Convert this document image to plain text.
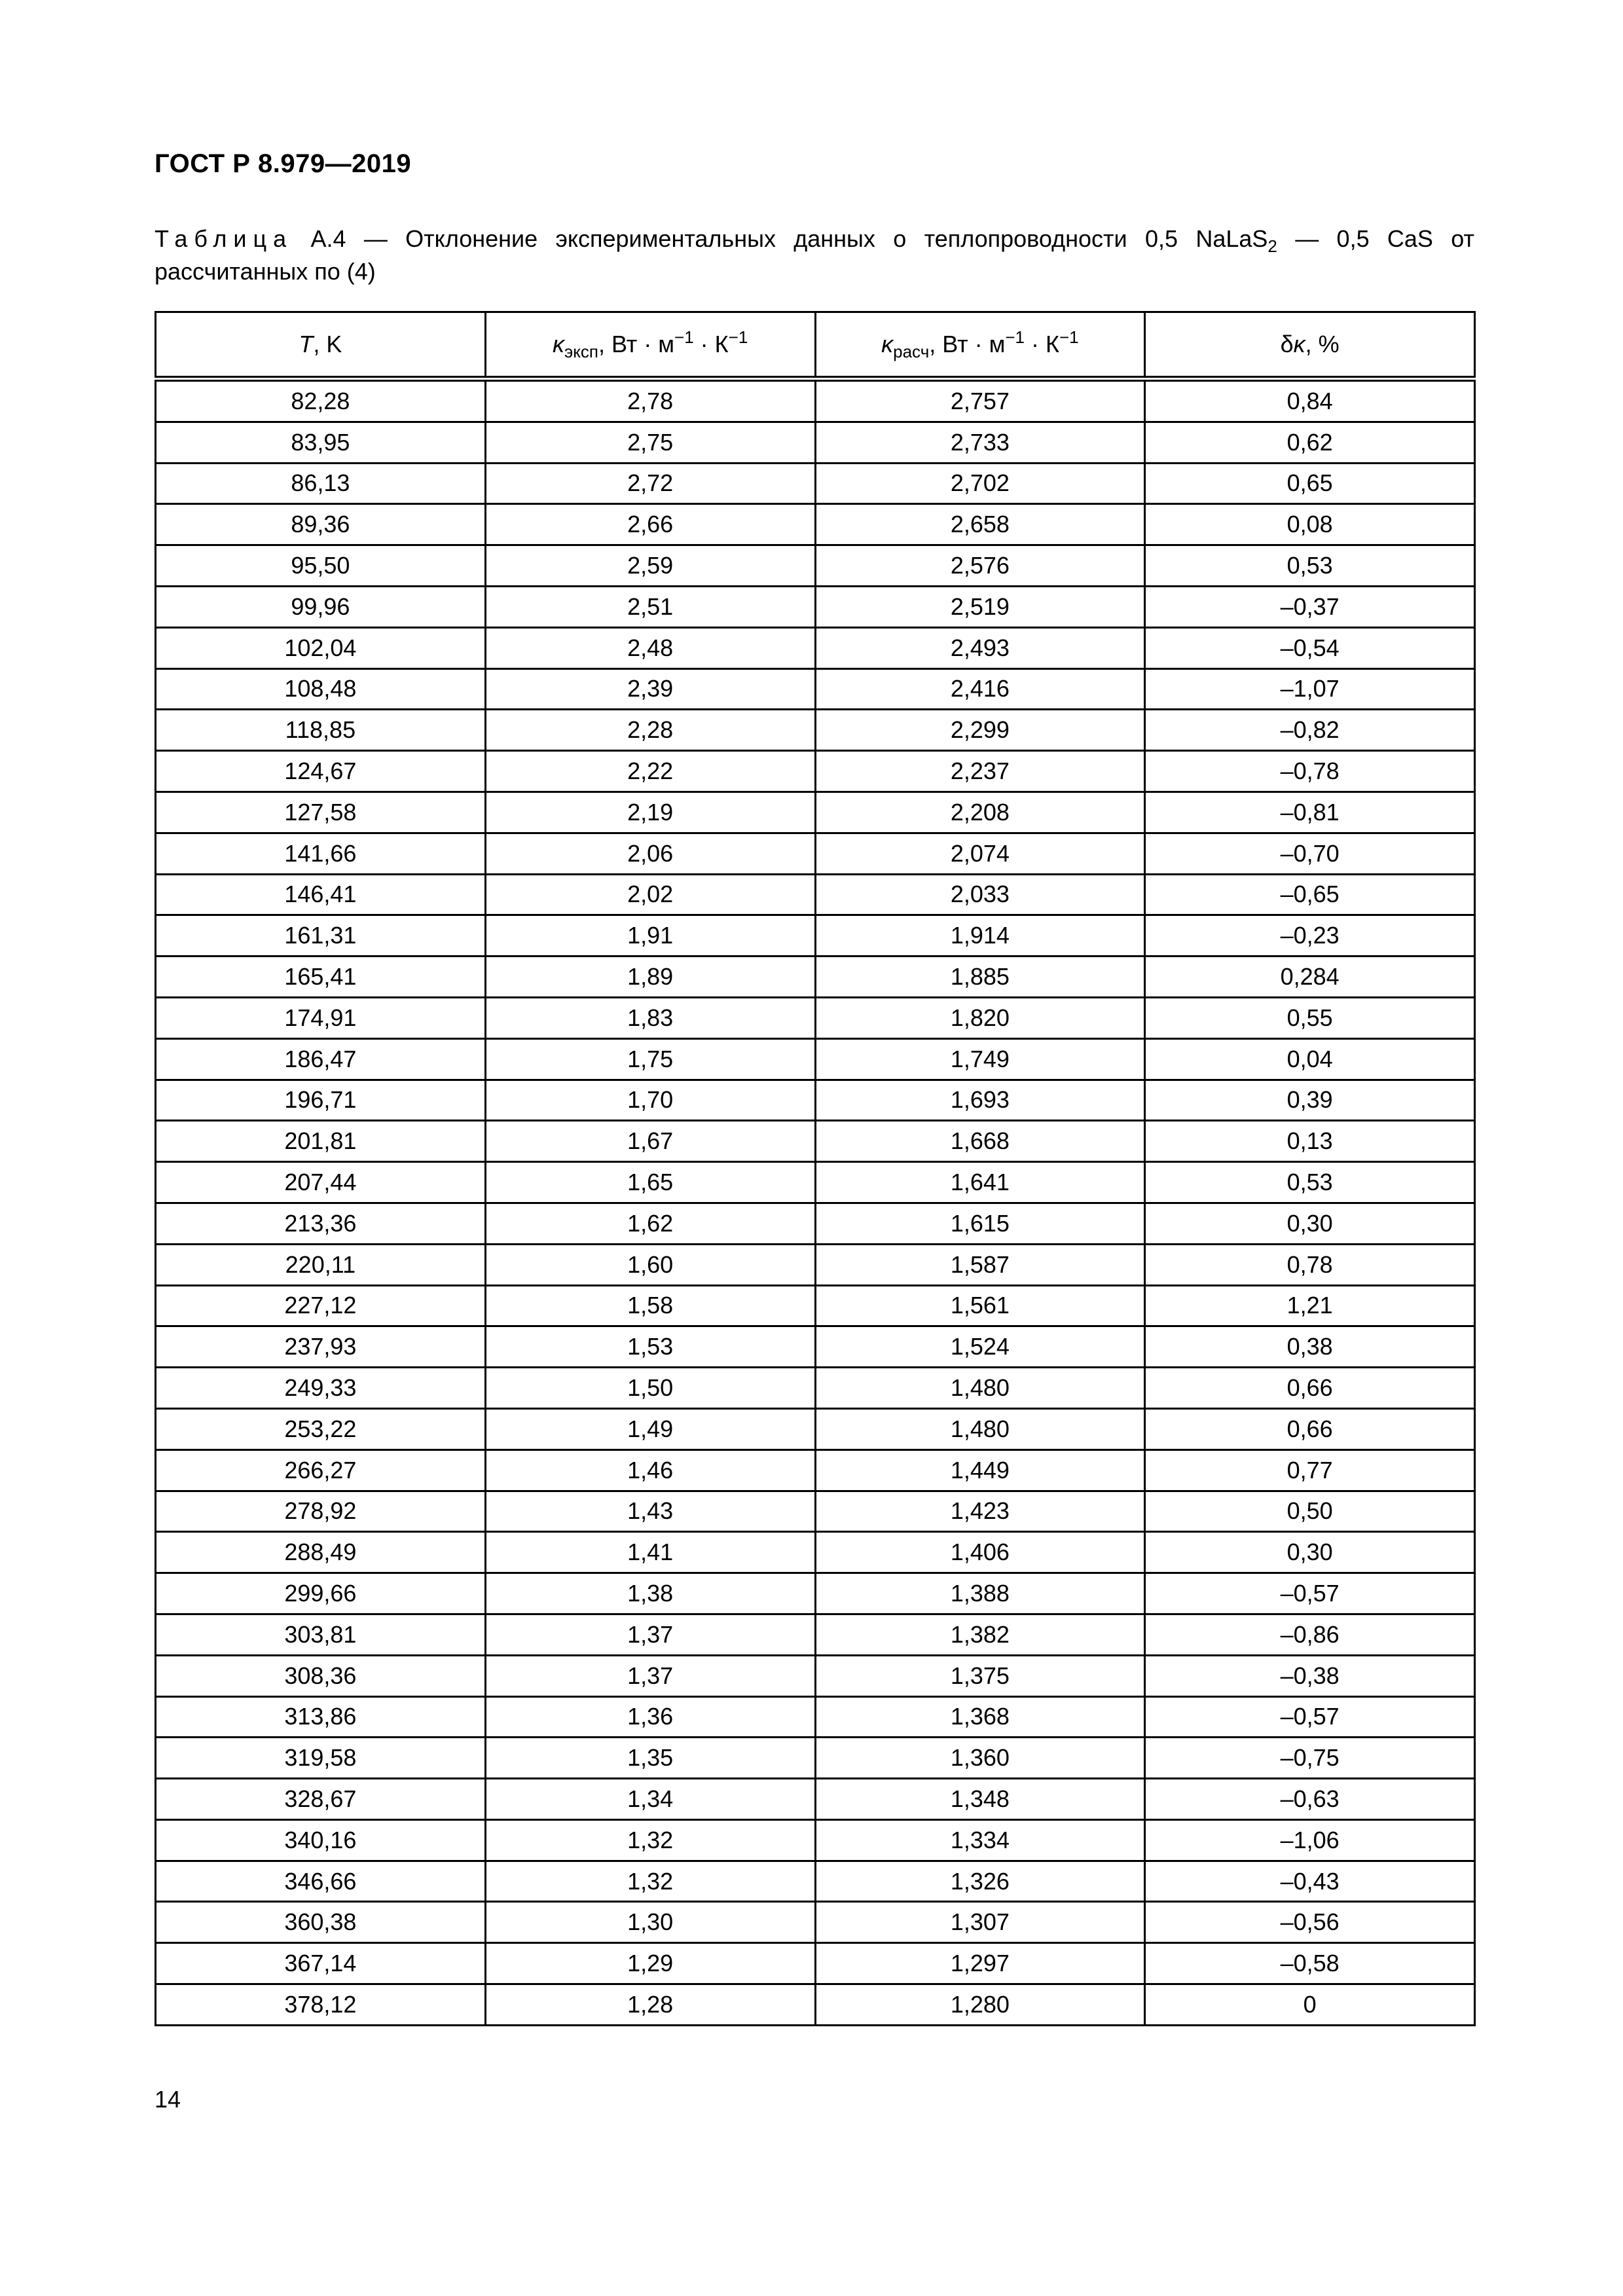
ГОСТ Р 8.979—2019
Таблица А.4 — Отклонение экспериментальных данных о теплопроводности 0,5 NaLaS$_2$ — 0,5 CaS от рассчитанных по (4)
T, K	$\kappa_{эксп}$, Вт · $м^{-1} \cdot К^{-1}$	$\kappa_{расч}$, Вт · $м^{-1} \cdot К^{-1}$	δκ, %
82,28	2,78	2,757	0,84
83,95	2,75	2,733	0,62
86,13	2,72	2,702	0,65
89,36	2,66	2,658	0,08
95,50	2,59	2,576	0,53
99,96	2,51	2,519	–0,37
102,04	2,48	2,493	–0,54
108,48	2,39	2,416	–1,07
118,85	2,28	2,299	–0,82
124,67	2,22	2,237	–0,78
127,58	2,19	2,208	–0,81
141,66	2,06	2,074	–0,70
146,41	2,02	2,033	–0,65
161,31	1,91	1,914	–0,23
165,41	1,89	1,885	0,284
174,91	1,83	1,820	0,55
186,47	1,75	1,749	0,04
196,71	1,70	1,693	0,39
201,81	1,67	1,668	0,13
207,44	1,65	1,641	0,53
213,36	1,62	1,615	0,30
220,11	1,60	1,587	0,78
227,12	1,58	1,561	1,21
237,93	1,53	1,524	0,38
249,33	1,50	1,480	0,66
253,22	1,49	1,480	0,66
266,27	1,46	1,449	0,77
278,92	1,43	1,423	0,50
288,49	1,41	1,406	0,30
299,66	1,38	1,388	–0,57
303,81	1,37	1,382	–0,86
308,36	1,37	1,375	–0,38
313,86	1,36	1,368	–0,57
319,58	1,35	1,360	–0,75
328,67	1,34	1,348	–0,63
340,16	1,32	1,334	–1,06
346,66	1,32	1,326	–0,43
360,38	1,30	1,307	–0,56
367,14	1,29	1,297	–0,58
378,12	1,28	1,280	0
14
